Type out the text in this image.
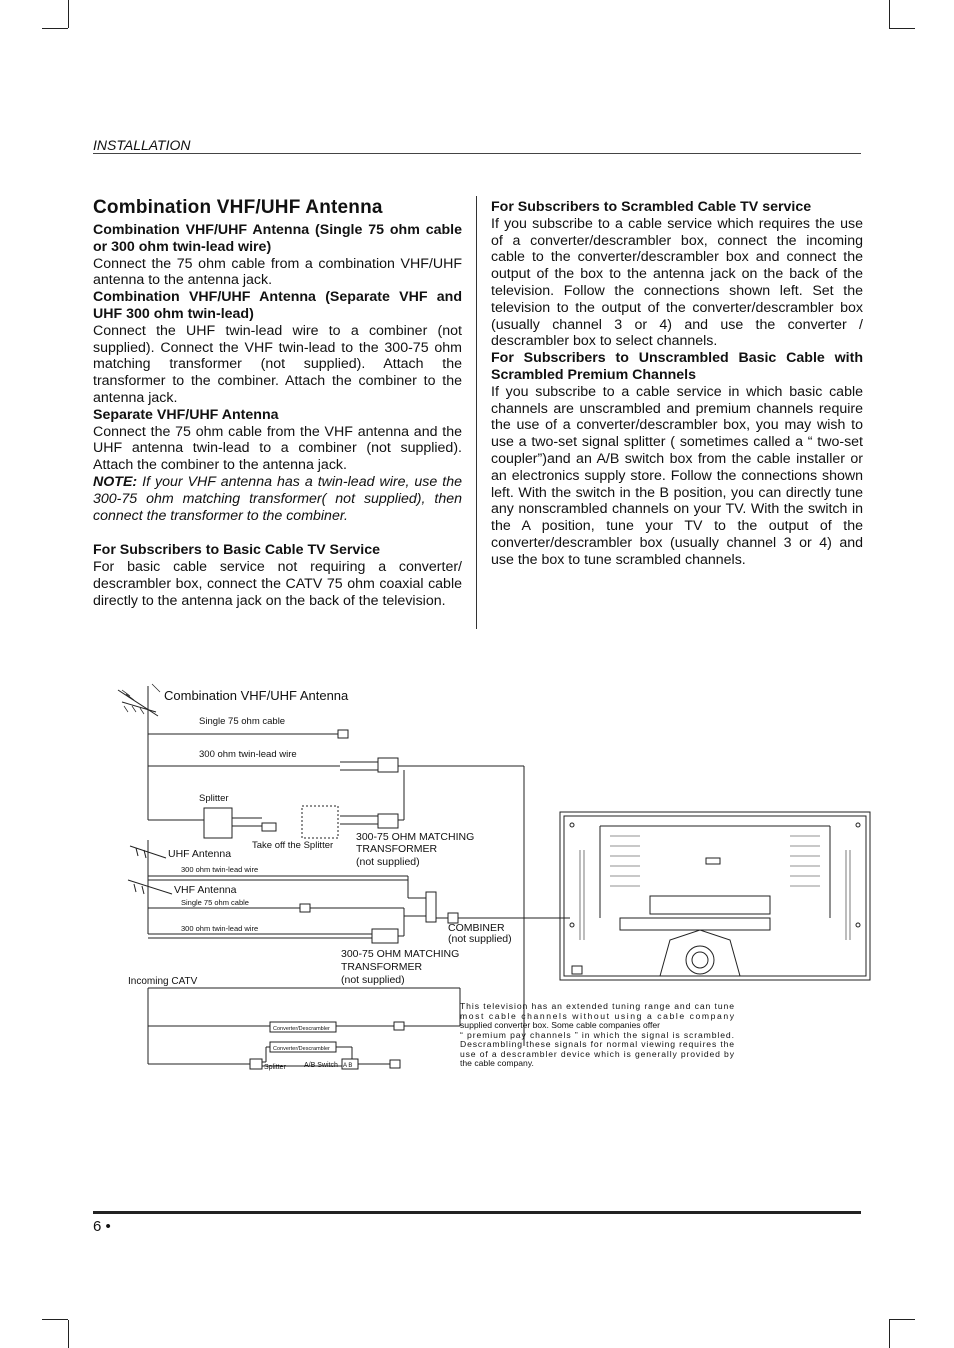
INSTALLATION

Combination VHF/UHF Antenna

Combination VHF/UHF Antenna (Single 75 ohm cable or 300 ohm twin-lead wire)

Connect the 75 ohm cable from a combination VHF/UHF antenna to the antenna jack.

Combination VHF/UHF Antenna (Separate VHF and UHF 300 ohm twin-lead)

Connect the UHF twin-lead wire to a combiner (not supplied). Connect the VHF twin-lead to the 300-75 ohm matching transformer (not supplied). Attach the transformer to the combiner. Attach the combiner to the antenna jack.

Separate VHF/UHF Antenna

Connect the 75 ohm cable from the VHF antenna and the UHF antenna twin-lead to a combiner (not supplied). Attach the combiner to the antenna jack.

NOTE: If your VHF antenna has a twin-lead wire, use the 300-75 ohm matching transformer( not supplied), then connect the transformer to the combiner.

For Subscribers to Basic Cable TV Service

For basic cable service not requiring a converter/ descrambler box, connect the CATV 75 ohm coaxial cable directly to the antenna jack on the back of the television.

For Subscribers to Scrambled Cable TV service

If you subscribe to a cable service which requires the use of a converter/descrambler box, connect the incoming cable to the converter/descrambler box and connect the output of the box to the antenna jack on the back of the television. Follow the connections shown left. Set the television to the output of the converter/descrambler box (usually channel 3 or 4) and use the converter / descrambler box to select channels.

For Subscribers to Unscrambled Basic Cable with Scrambled Premium Channels

If you subscribe to a cable service in which basic cable channels are unscrambled and premium channels require the use of a converter/descrambler box, you may wish to use a two-set signal splitter ( sometimes called a “ two-set coupler”)and an A/B switch box from the cable installer or an electronics supply store. Follow the connections shown left. With the switch in the B position, you can directly tune any nonscrambled channels on your TV. With the switch in the A position, tune your TV to the output of the converter/descrambler box (usually channel 3 or 4) and use the box to tune scrambled channels.

Combination VHF/UHF Antenna
Single 75 ohm cable
300 ohm twin-lead wire
Splitter
Take off the Splitter
300-75 OHM MATCHING
TRANSFORMER
(not supplied)
UHF Antenna
300 ohm twin-lead wire
VHF Antenna
Single 75 ohm cable
300 ohm twin-lead wire	COMBINER
(not supplied)
300-75 OHM MATCHING
TRANSFORMER
(not supplied)
Incoming CATV
Converter/Descrambler
Converter/Descrambler
Splitter	A/B Switch A B
This television has an extended tuning range and can tune
most cable channels without using a cable company
supplied converter box. Some cable companies offer
“ premium pay channels ” in which the signal is scrambled.
Descrambling these signals for normal viewing requires the
use of a descrambler device which is generally provided by
the cable company.
6 •
